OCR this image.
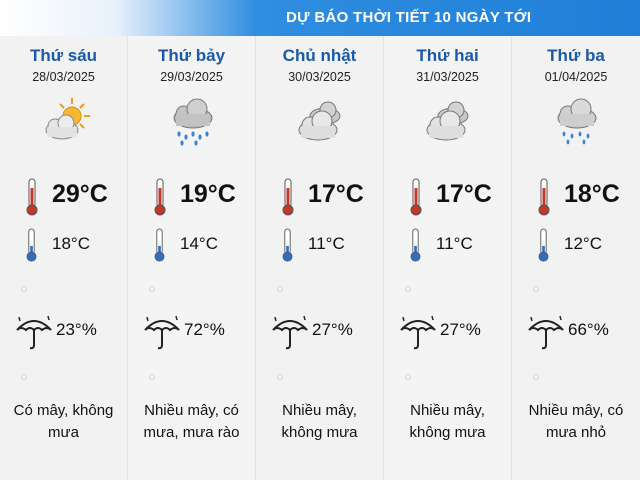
DỰ BÁO THỜI TIẾT 10 NGÀY TỚI
Thứ sáu
28/03/2025
29°C
18°C
23°%
Có mây, không mưa
Thứ bảy
29/03/2025
19°C
14°C
72°%
Nhiều mây, có mưa, mưa rào
Chủ nhật
30/03/2025
17°C
11°C
27°%
Nhiều mây, không mưa
Thứ hai
31/03/2025
17°C
11°C
27°%
Nhiều mây, không mưa
Thứ ba
01/04/2025
18°C
12°C
66°%
Nhiều mây, có mưa nhỏ
